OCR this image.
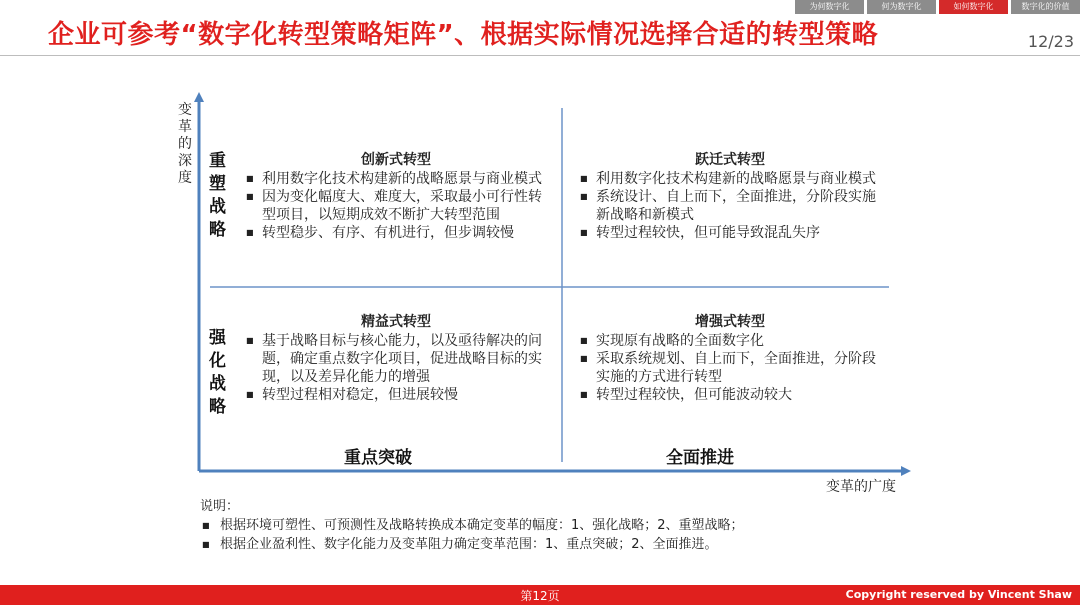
为何数字化	何为数字化	如何数字化	数字化的价值
企业可参考“数字化转型策略矩阵”、根据实际情况选择合适的转型策略	12/23
变革的深度
变革的广度
重塑战略
强化战略
创新式转型
■ 利用数字化技术构建新的战略愿景与商业模式
■ 因为变化幅度大、难度大，采取最小可行性转型项目，以短期成效不断扩大转型范围
■ 转型稳步、有序、有机进行，但步调较慢
跃迁式转型
■ 利用数字化技术构建新的战略愿景与商业模式
■ 系统设计、自上而下，全面推进，分阶段实施新战略和新模式
■ 转型过程较快，但可能导致混乱失序
精益式转型
■ 基于战略目标与核心能力，以及亟待解决的问题，确定重点数字化项目，促进战略目标的实现，以及差异化能力的增强
■ 转型过程相对稳定，但进展较慢
增强式转型
■ 实现原有战略的全面数字化
■ 采取系统规划、自上而下，全面推进，分阶段实施的方式进行转型
■ 转型过程较快，但可能波动较大
重点突破	全面推进
说明：
■ 根据环境可塑性、可预测性及战略转换成本确定变革的幅度：1、强化战略；2、重塑战略；
■ 根据企业盈利性、数字化能力及变革阻力确定变革范围：1、重点突破；2、全面推进。
第12页	Copyright reserved by Vincent Shaw
